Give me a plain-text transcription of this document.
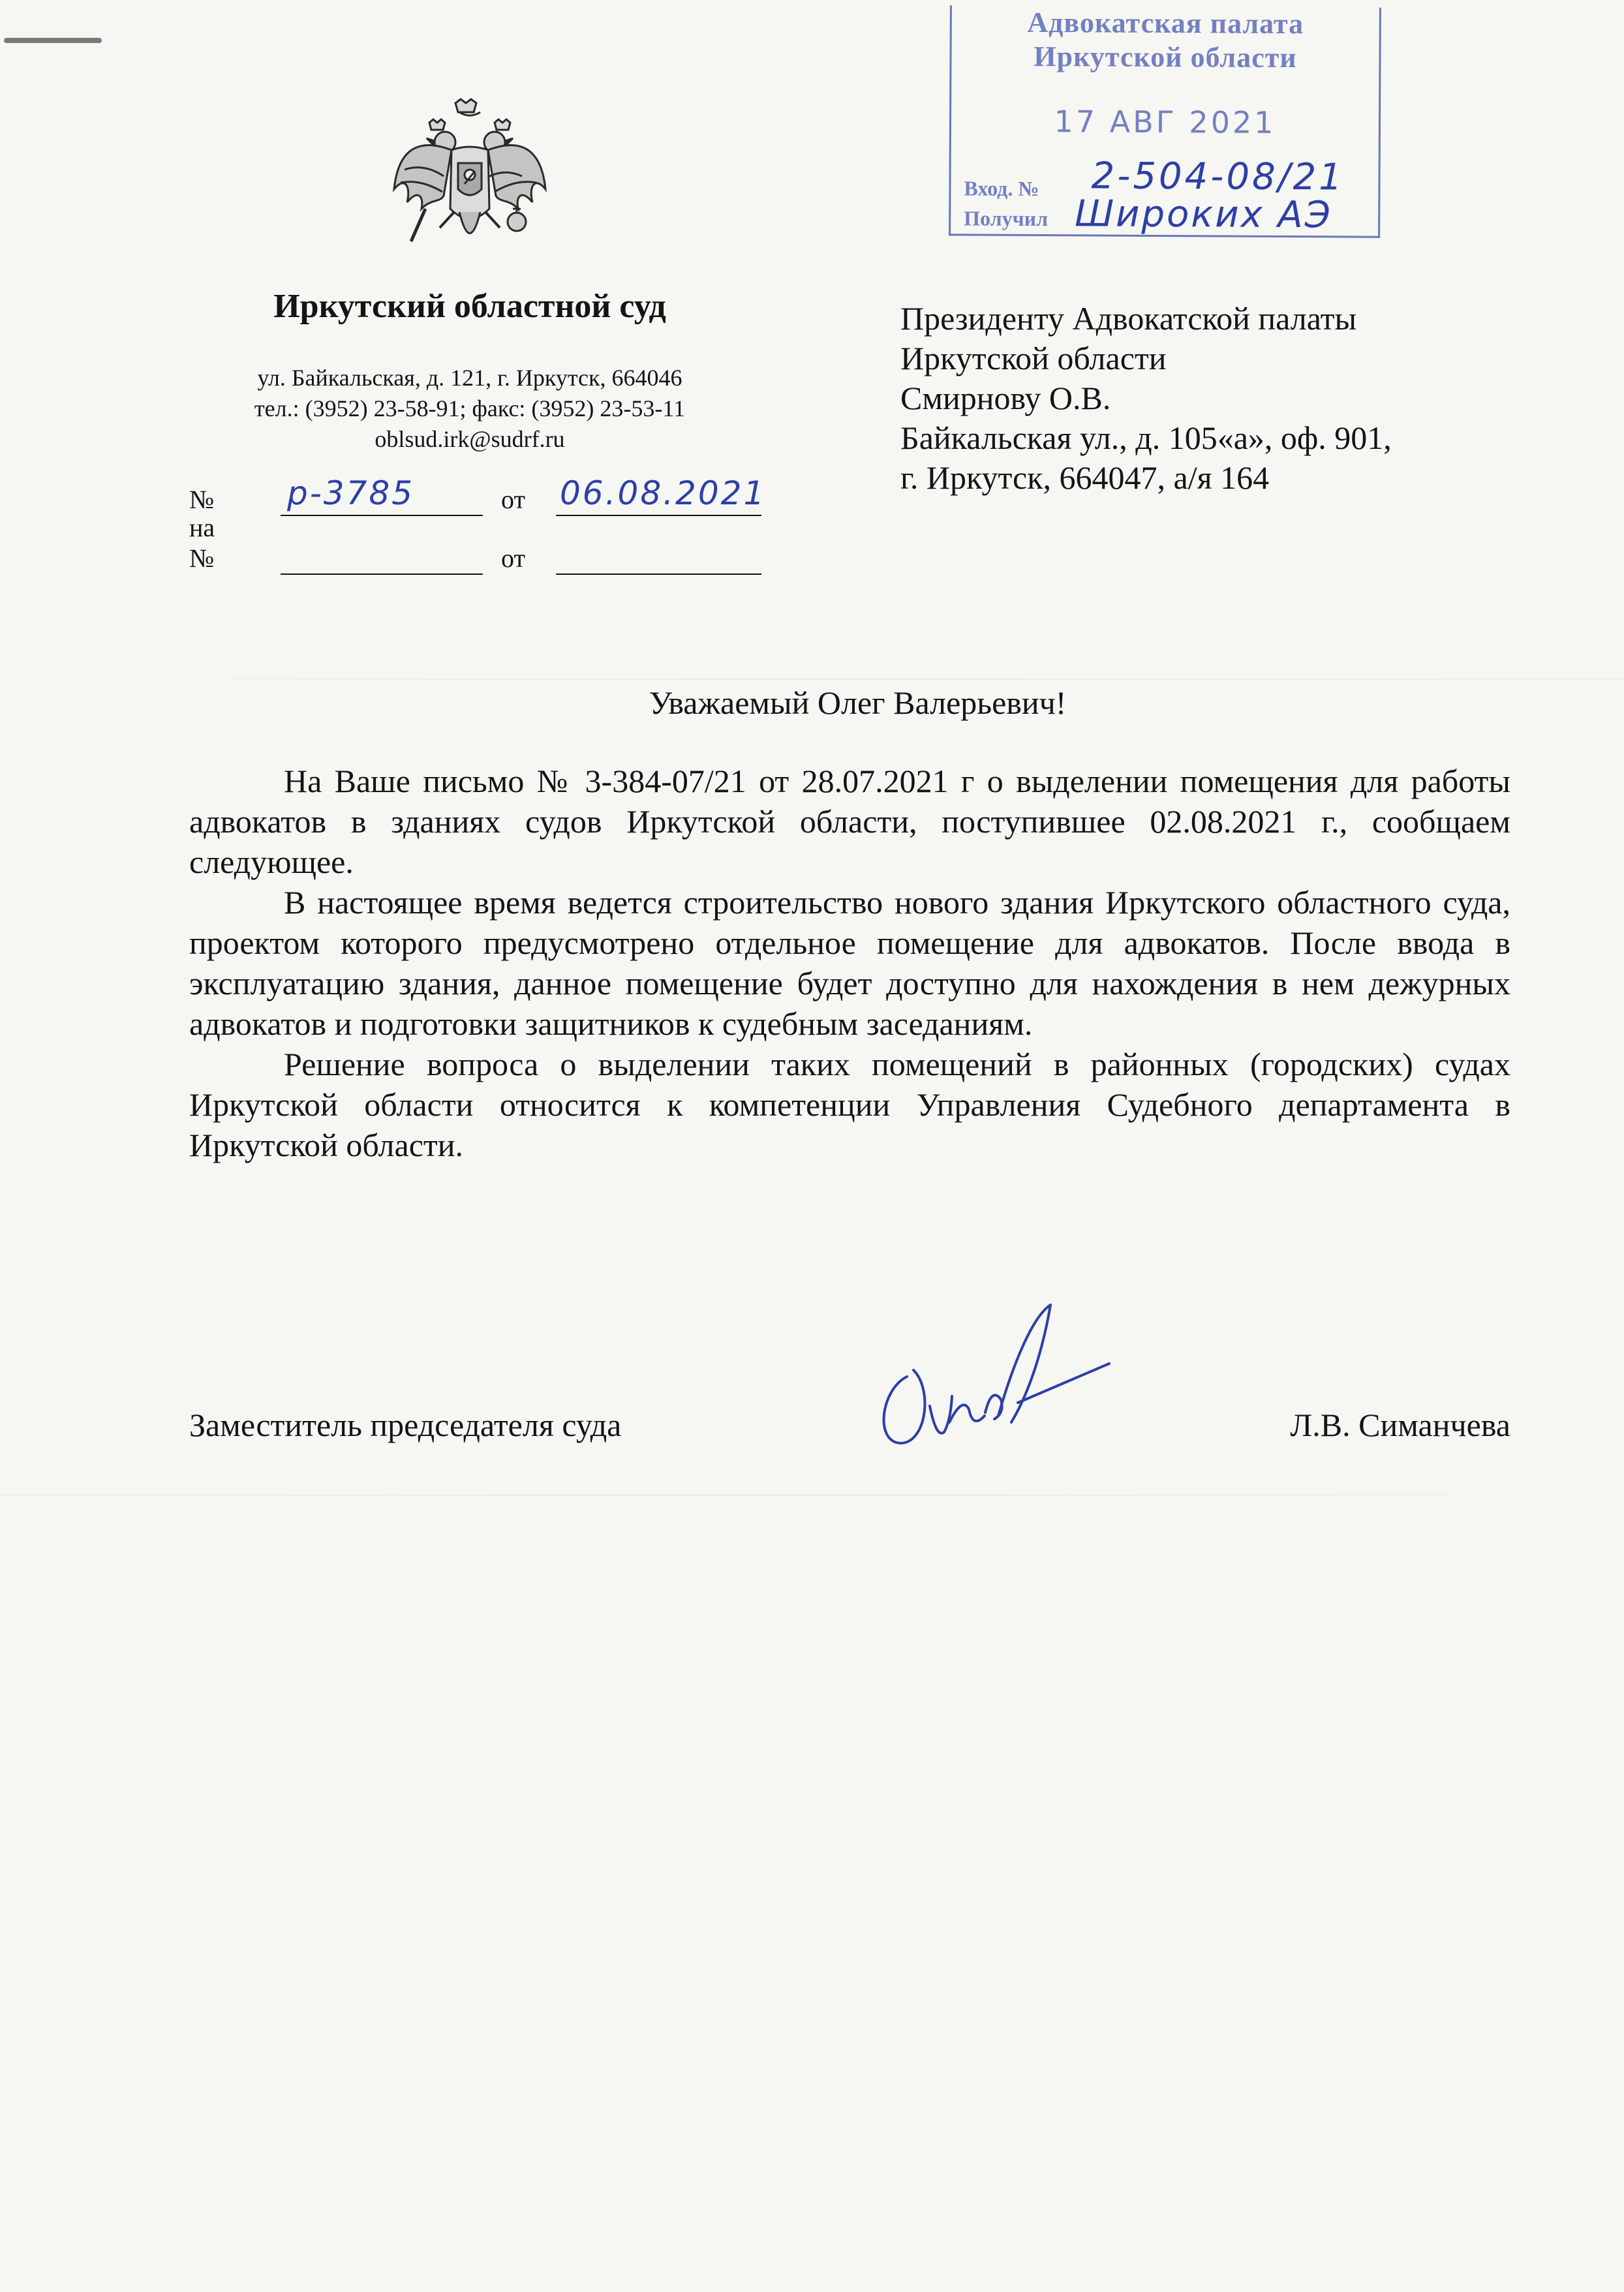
Иркутский областной суд
ул. Байкальская, д. 121, г. Иркутск, 664046
тел.: (3952) 23-58-91; факс: (3952) 23-53-11
oblsud.irk@sudrf.ru
№ р-3785	от 06.08.2021
на №	от
Президенту Адвокатской палаты
Иркутской области
Смирнову О.В.
Байкальская ул., д. 105«а», оф. 901,
г. Иркутск, 664047, а/я 164
Адвокатская палата
Иркутской области
17 АВГ 2021
Вход. № 2-504-08/21
Получил Широких АЭ
Уважаемый Олег Валерьевич!

На Ваше письмо № 3-384-07/21 от 28.07.2021 г о выделении помещения для работы адвокатов в зданиях судов Иркутской области, поступившее 02.08.2021 г., сообщаем следующее.

В настоящее время ведется строительство нового здания Иркутского областного суда, проектом которого предусмотрено отдельное помещение для адвокатов. После ввода в эксплуатацию здания, данное помещение будет доступно для нахождения в нем дежурных адвокатов и подготовки защитников к судебным заседаниям.

Решение вопроса о выделении таких помещений в районных (городских) судах Иркутской области относится к компетенции Управления Судебного департамента в Иркутской области.

Заместитель председателя суда	Л.В. Симанчева
